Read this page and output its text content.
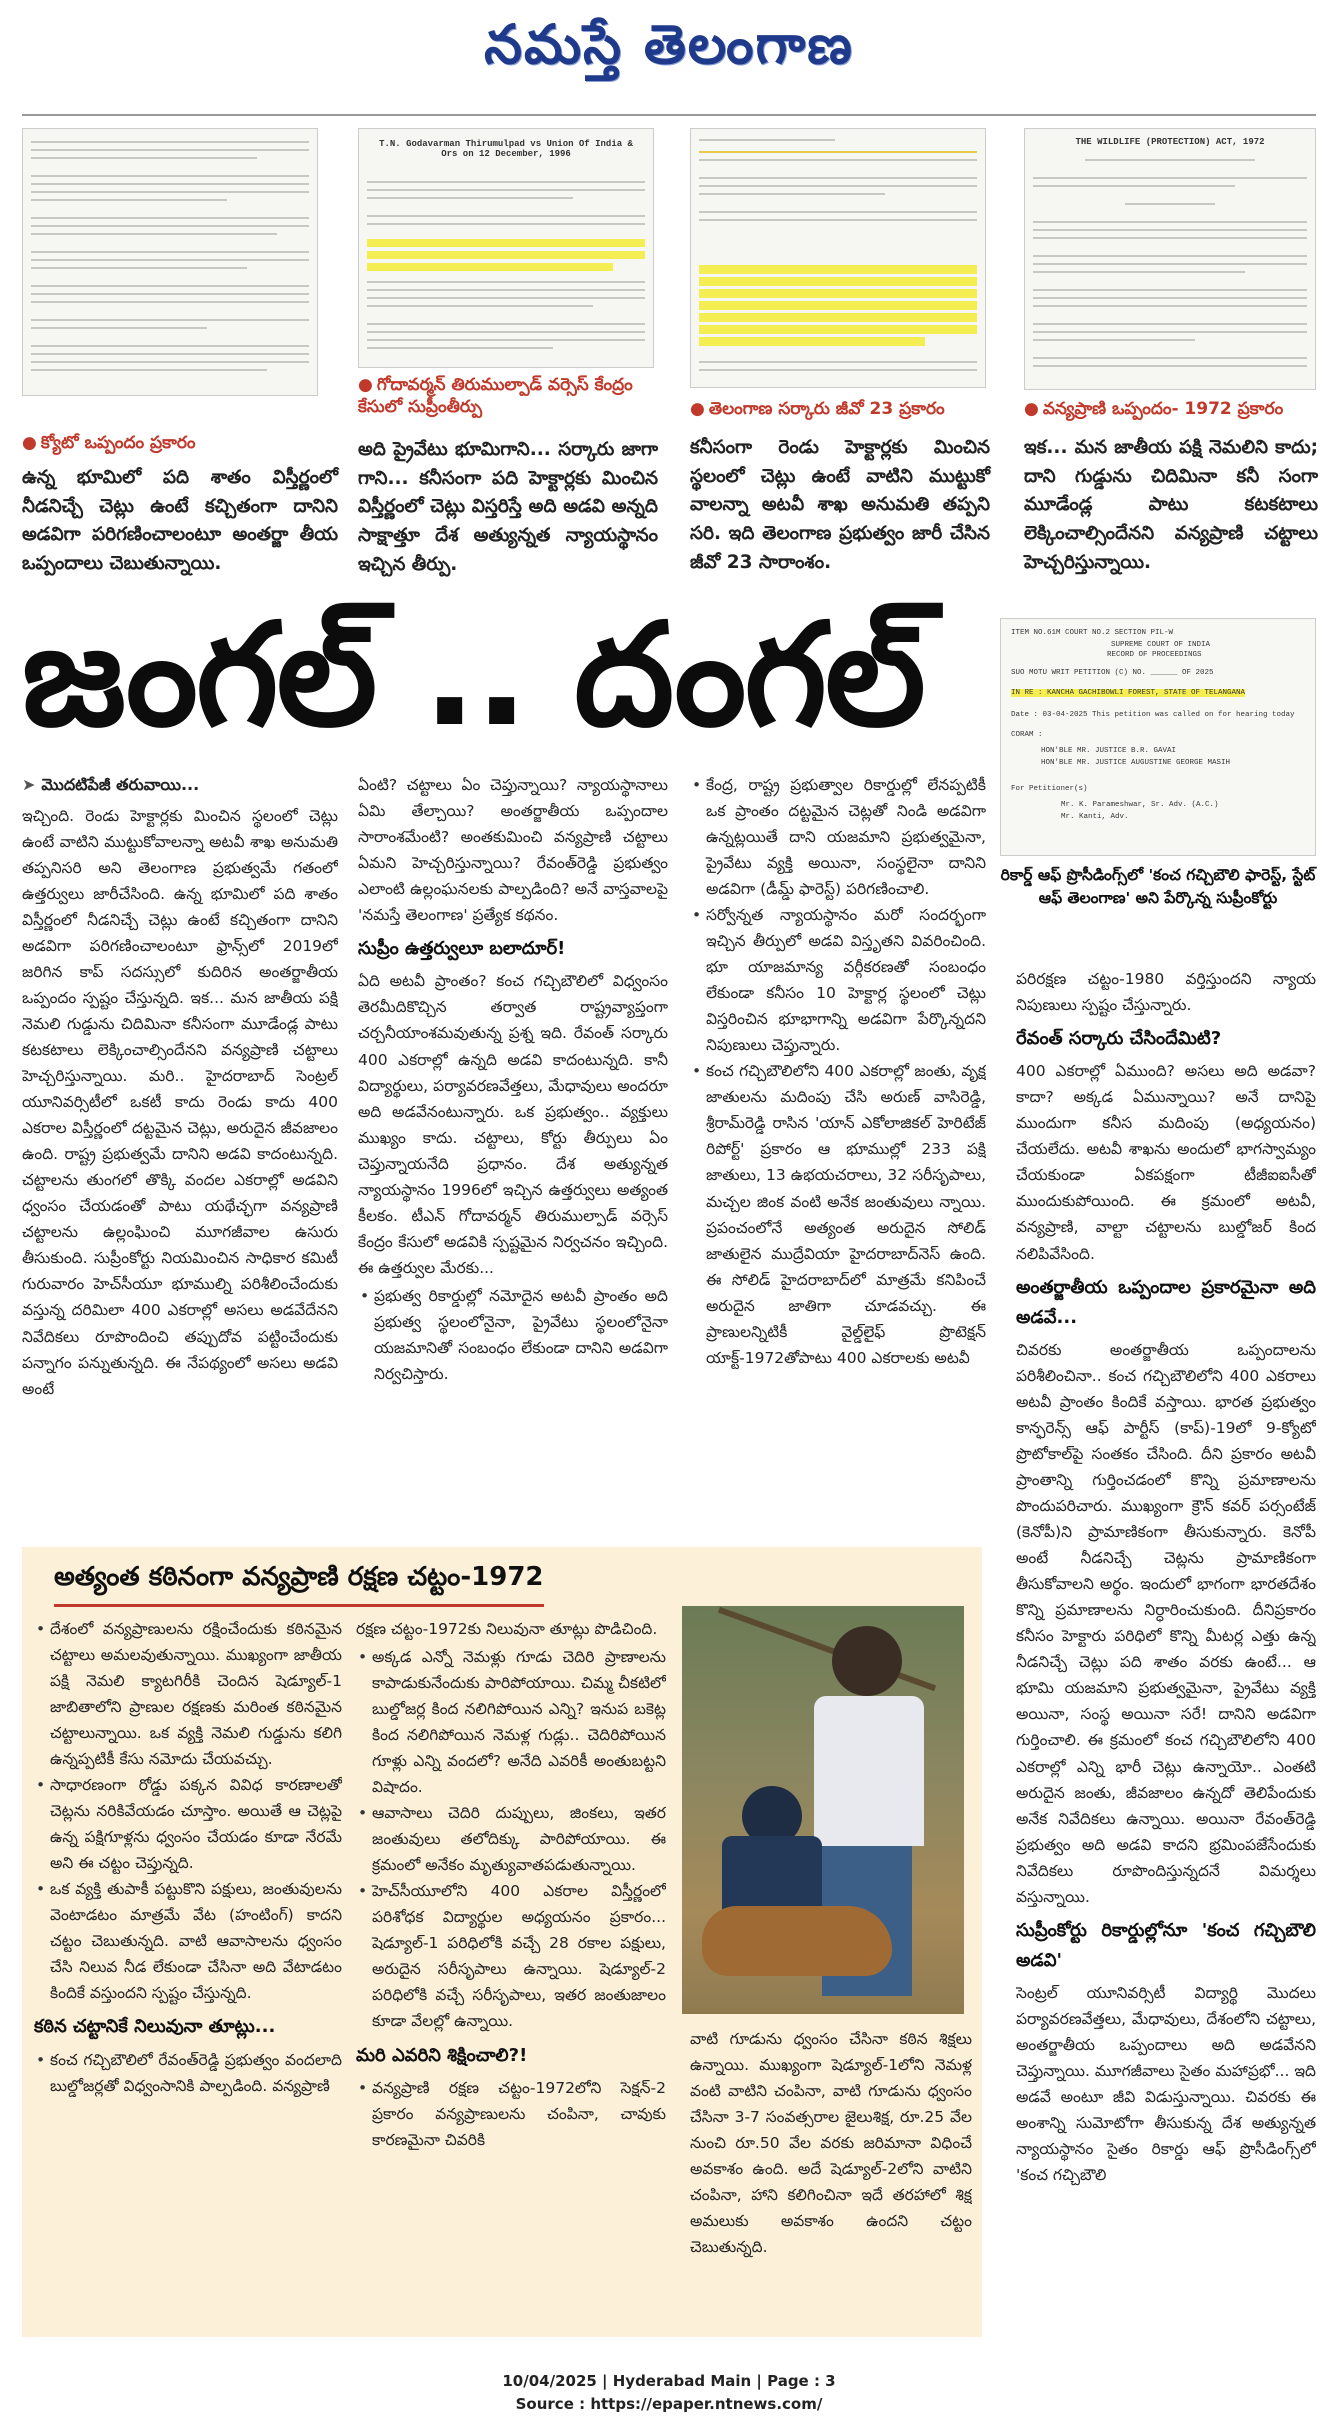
నమస్తే తెలంగాణ
T.N. Godavarman Thirumulpad vs Union Of India & Ors on 12 December, 1996
THE WILDLIFE (PROTECTION) ACT, 1972
● క్యోటో ఒప్పందం ప్రకారం
ఉన్న భూమిలో పది శాతం విస్తీర్ణంలో నీడనిచ్చే చెట్లు ఉంటే కచ్చితంగా దానిని అడవిగా పరిగణించాలంటూ అంతర్జా తీయ ఒప్పందాలు చెబుతున్నాయి.
● గోదావర్మన్ తిరుముల్పాడ్ వర్సెస్ కేంద్రం కేసులో సుప్రీంతీర్పు
అది ప్రైవేటు భూమిగాని... సర్కారు జాగా గాని... కనీసంగా పది హెక్టార్లకు మించిన విస్తీర్ణంలో చెట్లు విస్తరిస్తే అది అడవి అన్నది సాక్షాత్తూ దేశ అత్యున్నత న్యాయస్థానం ఇచ్చిన తీర్పు.
● తెలంగాణ సర్కారు జీవో 23 ప్రకారం
కనీసంగా రెండు హెక్టార్లకు మించిన స్థలంలో చెట్లు ఉంటే వాటిని ముట్టుకో వాలన్నా అటవీ శాఖ అనుమతి తప్పని సరి. ఇది తెలంగాణ ప్రభుత్వం జారీ చేసిన జీవో 23 సారాంశం.
● వన్యప్రాణి ఒప్పందం- 1972 ప్రకారం
ఇక... మన జాతీయ పక్షి నెమలిని కాదు; దాని గుడ్డును చిదిమినా కనీ సంగా మూడేండ్ల పాటు కటకటాలు లెక్కించాల్సిందేనని వన్యప్రాణి చట్టాలు హెచ్చరిస్తున్నాయి.
జంగల్ .. దంగల్	ITEM NO.61M COURT NO.2 SECTION PIL-W
SUPREME COURT OF INDIA
RECORD OF PROCEEDINGS
SUO MOTU WRIT PETITION (C) NO. ______ OF 2025
IN RE : KANCHA GACHIBOWLI FOREST, STATE OF TELANGANA
Date : 03-04-2025 This petition was called on for hearing today
CORAM :
HON'BLE MR. JUSTICE B.R. GAVAI
HON'BLE MR. JUSTICE AUGUSTINE GEORGE MASIH
For Petitioner(s)
Mr. K. Parameshwar, Sr. Adv. (A.C.)
Mr. Kanti, Adv.
రికార్డ్ ఆఫ్ ప్రొసీడింగ్స్‌లో 'కంచ గచ్చిబౌలి ఫారెస్ట్, స్టేట్ ఆఫ్ తెలంగాణ' అని పేర్కొన్న సుప్రీంకోర్టు
➤ మొదటిపేజీ తరువాయి...

ఇచ్చింది. రెండు హెక్టార్లకు మించిన స్థలంలో చెట్లు ఉంటే వాటిని ముట్టుకోవాలన్నా అటవీ శాఖ అనుమతి తప్పనిసరి అని తెలంగాణ ప్రభుత్వమే గతంలో ఉత్తర్వులు జారీచేసింది. ఉన్న భూమిలో పది శాతం విస్తీర్ణంలో నీడనిచ్చే చెట్లు ఉంటే కచ్చితంగా దానిని అడవిగా పరిగణించాలంటూ ఫ్రాన్స్‌లో 2019లో జరిగిన కాప్ సదస్సులో కుదిరిన అంతర్జాతీయ ఒప్పందం స్పష్టం చేస్తున్నది. ఇక... మన జాతీయ పక్షి నెమలి గుడ్డును చిదిమినా కనీసంగా మూడేండ్ల పాటు కటకటాలు లెక్కించాల్సిందేనని వన్యప్రాణి చట్టాలు హెచ్చరిస్తున్నాయి. మరి.. హైదరాబాద్ సెంట్రల్ యూనివర్సిటీలో ఒకటీ కాదు రెండు కాదు 400 ఎకరాల విస్తీర్ణంలో దట్టమైన చెట్లు, అరుదైన జీవజాలం ఉంది. రాష్ట్ర ప్రభుత్వమే దానిని అడవి కాదంటున్నది. చట్టాలను తుంగలో తొక్కి వందల ఎకరాల్లో అడవిని ధ్వంసం చేయడంతో పాటు యథేచ్ఛగా వన్యప్రాణి చట్టాలను ఉల్లంఘించి మూగజీవాల ఉసురు తీసుకుంది. సుప్రీంకోర్టు నియమించిన సాధికార కమిటీ గురువారం హెచ్‌సీయూ భూముల్ని పరిశీలించేందుకు వస్తున్న దరిమిలా 400 ఎకరాల్లో అసలు అడవేదేనని నివేదికలు రూపొందించి తప్పుదోవ పట్టించేందుకు పన్నాగం పన్నుతున్నది. ఈ నేపథ్యంలో అసలు అడవి అంటే

ఏంటి? చట్టాలు ఏం చెప్తున్నాయి? న్యాయస్థానాలు ఏమి తేల్చాయి? అంతర్జాతీయ ఒప్పందాల సారాంశమేంటి? అంతకుమించి వన్యప్రాణి చట్టాలు ఏమని హెచ్చరిస్తున్నాయి? రేవంత్‌రెడ్డి ప్రభుత్వం ఎలాంటి ఉల్లంఘనలకు పాల్పడింది? అనే వాస్తవాలపై 'నమస్తే తెలంగాణ' ప్రత్యేక కథనం.

సుప్రీం ఉత్తర్వులూ బలాదూర్!

ఏది అటవీ ప్రాంతం? కంచ గచ్చిబౌలిలో విధ్వంసం తెరమీదికొచ్చిన తర్వాత రాష్ట్రవ్యాప్తంగా చర్చనీయాంశమవుతున్న ప్రశ్న ఇది. రేవంత్ సర్కారు 400 ఎకరాల్లో ఉన్నది అడవి కాదంటున్నది. కానీ విద్యార్థులు, పర్యావరణవేత్తలు, మేధావులు అందరూ అది అడవేనంటున్నారు. ఒక ప్రభుత్వం.. వ్యక్తులు ముఖ్యం కాదు. చట్టాలు, కోర్టు తీర్పులు ఏం చెప్తున్నాయనేది ప్రధానం. దేశ అత్యున్నత న్యాయస్థానం 1996లో ఇచ్చిన ఉత్తర్వులు అత్యంత కీలకం. టీఎన్ గోదావర్మన్ తిరుముల్పాడ్ వర్సెస్ కేంద్రం కేసులో అడవికి స్పష్టమైన నిర్వచనం ఇచ్చింది. ఈ ఉత్తర్వుల మేరకు...

• ప్రభుత్వ రికార్డుల్లో నమోదైన అటవీ ప్రాంతం అది ప్రభుత్వ స్థలంలోనైనా, ప్రైవేటు స్థలంలోనైనా యజమానితో సంబంధం లేకుండా దానిని అడవిగా నిర్వచిస్తారు.
• కేంద్ర, రాష్ట్ర ప్రభుత్వాల రికార్డుల్లో లేనప్పటికీ ఒక ప్రాంతం దట్టమైన చెట్లతో నిండి అడవిగా ఉన్నట్లయితే దాని యజమాని ప్రభుత్వమైనా, ప్రైవేటు వ్యక్తి అయినా, సంస్థలైనా దానిని అడవిగా (డీమ్డ్ ఫారెస్ట్) పరిగణించాలి.
• సర్వోన్నత న్యాయస్థానం మరో సందర్భంగా ఇచ్చిన తీర్పులో అడవి విస్తృతని వివరించింది. భూ యాజమాన్య వర్గీకరణతో సంబంధం లేకుండా కనీసం 10 హెక్టార్ల స్థలంలో చెట్లు విస్తరించిన భూభాగాన్ని అడవిగా పేర్కొన్నదని నిపుణులు చెప్తున్నారు.
• కంచ గచ్చిబౌలిలోని 400 ఎకరాల్లో జంతు, వృక్ష జాతులను మదింపు చేసి అరుణ్ వాసిరెడ్డి, శ్రీరామ్‌రెడ్డి రాసిన 'యాన్ ఎకోలాజికల్ హెరిటేజ్ రిపోర్ట్' ప్రకారం ఆ భూముల్లో 233 పక్షి జాతులు, 13 ఉభయచరాలు, 32 సరీసృపాలు, మచ్చల జింక వంటి అనేక జంతువులు న్నాయి. ప్రపంచంలోనే అత్యంత అరుదైన సోలిడ్ జాతులైన ముద్రేవియా హైదరాబాద్‌నెస్ ఉంది. ఈ సోలిడ్ హైదరాబాద్‌లో మాత్రమే కనిపించే అరుదైన జాతిగా చూడవచ్చు. ఈ ప్రాణులన్నిటికీ వైల్డ్‌లైఫ్ ప్రొటెక్షన్ యాక్ట్-1972తోపాటు 400 ఎకరాలకు అటవీ

పరిరక్షణ చట్టం-1980 వర్తిస్తుందని న్యాయ నిపుణులు స్పష్టం చేస్తున్నారు.

రేవంత్ సర్కారు చేసిందేమిటి?

400 ఎకరాల్లో ఏముంది? అసలు అది అడవా? కాదా? అక్కడ ఏమున్నాయి? అనే దానిపై ముందుగా కనీస మదింపు (అధ్యయనం) చేయలేదు. అటవీ శాఖను అందులో భాగస్వామ్యం చేయకుండా ఏకపక్షంగా టీజీఐఐసీతో ముందుకుపోయింది. ఈ క్రమంలో అటవీ, వన్యప్రాణి, వాల్టా చట్టాలను బుల్డోజర్ కింద నలిపివేసింది.

అంతర్జాతీయ ఒప్పందాల ప్రకారమైనా అది అడవే...

చివరకు అంతర్జాతీయ ఒప్పందాలను పరిశీలించినా.. కంచ గచ్చిబౌలిలోని 400 ఎకరాలు అటవీ ప్రాంతం కిందికే వస్తాయి. భారత ప్రభుత్వం కాన్ఫరెన్స్ ఆఫ్ పార్టీస్ (కాప్)-19లో 9-క్యోటో ప్రొటోకాల్‌పై సంతకం చేసింది. దీని ప్రకారం అటవీ ప్రాంతాన్ని గుర్తించడంలో కొన్ని ప్రమాణాలను పొందుపరిచారు. ముఖ్యంగా క్రౌన్ కవర్ పర్సంటేజ్ (కెనోపీ)ని ప్రామాణికంగా తీసుకున్నారు. కెనోపీ అంటే నీడనిచ్చే చెట్లను ప్రామాణికంగా తీసుకోవాలని అర్థం. ఇందులో భాగంగా భారతదేశం కొన్ని ప్రమాణాలను నిర్ధారించుకుంది. దీనిప్రకారం కనీసం హెక్టారు పరిధిలో కొన్ని మీటర్ల ఎత్తు ఉన్న నీడనిచ్చే చెట్లు పది శాతం వరకు ఉంటే... ఆ భూమి యజమాని ప్రభుత్వమైనా, ప్రైవేటు వ్యక్తి అయినా, సంస్థ అయినా సరే! దానిని అడవిగా గుర్తించాలి. ఈ క్రమంలో కంచ గచ్చిబౌలిలోని 400 ఎకరాల్లో ఎన్ని భారీ చెట్లు ఉన్నాయో.. ఎంతటి అరుదైన జంతు, జీవజాలం ఉన్నదో తెలిపేందుకు అనేక నివేదికలు ఉన్నాయి. అయినా రేవంత్‌రెడ్డి ప్రభుత్వం అది అడవి కాదని భ్రమింపజేసేందుకు నివేదికలు రూపొందిస్తున్నదనే విమర్శలు వస్తున్నాయి.

సుప్రీంకోర్టు రికార్డుల్లోనూ 'కంచ గచ్చిబౌలి అడవి'

సెంట్రల్ యూనివర్సిటీ విద్యార్థి మొదలు పర్యావరణవేత్తలు, మేధావులు, దేశంలోని చట్టాలు, అంతర్జాతీయ ఒప్పందాలు అది అడవేనని చెప్తున్నాయి. మూగజీవాలు సైతం మహాప్రభో... ఇది అడవే అంటూ జీవి విడుస్తున్నాయి. చివరకు ఈ అంశాన్ని సుమోటోగా తీసుకున్న దేశ అత్యున్నత న్యాయస్థానం సైతం రికార్డు ఆఫ్ ప్రొసీడింగ్స్‌లో 'కంచ గచ్చిబౌలి

అత్యంత కఠినంగా వన్యప్రాణి రక్షణ చట్టం-1972
• దేశంలో వన్యప్రాణులను రక్షించేందుకు కఠినమైన చట్టాలు అమలవుతున్నాయి. ముఖ్యంగా జాతీయ పక్షి నెమలి క్యాటగిరీకి చెందిన షెడ్యూల్-1 జాబితాలోని ప్రాణుల రక్షణకు మరింత కఠినమైన చట్టాలున్నాయి. ఒక వ్యక్తి నెమలి గుడ్డును కలిగి ఉన్నప్పటికీ కేసు నమోదు చేయవచ్చు.
• సాధారణంగా రోడ్డు పక్కన వివిధ కారణాలతో చెట్లను నరికివేయడం చూస్తాం. అయితే ఆ చెట్లపై ఉన్న పక్షిగూళ్లను ధ్వంసం చేయడం కూడా నేరమే అని ఈ చట్టం చెప్తున్నది.
• ఒక వ్యక్తి తుపాకీ పట్టుకొని పక్షులు, జంతువులను వెంటాడటం మాత్రమే వేట (హంటింగ్) కాదని చట్టం చెబుతున్నది. వాటి ఆవాసాలను ధ్వంసం చేసి నిలువ నీడ లేకుండా చేసినా అది వేటాడటం కిందికే వస్తుందని స్పష్టం చేస్తున్నది.
కఠిన చట్టానికే నిలువునా తూట్లు...
• కంచ గచ్చిబౌలిలో రేవంత్‌రెడ్డి ప్రభుత్వం వందలాది బుల్డోజర్లతో విధ్వంసానికి పాల్పడింది. వన్యప్రాణి

రక్షణ చట్టం-1972కు నిలువునా తూట్లు పొడిచింది.

• అక్కడ ఎన్నో నెమళ్లు గూడు చెదిరి ప్రాణాలను కాపాడుకునేందుకు పారిపోయాయి. చిమ్మ చీకటిలో బుల్డోజర్ల కింద నలిగిపోయిన ఎన్ని? ఇనుప బకెట్ల కింద నలిగిపోయిన నెమళ్ల గుడ్లు.. చెదిరిపోయిన గూళ్లు ఎన్ని వందలో? అనేది ఎవరికీ అంతుబట్టని విషాదం.
• ఆవాసాలు చెదిరి దుప్పులు, జింకలు, ఇతర జంతువులు తలోదిక్కు పారిపోయాయి. ఈ క్రమంలో అనేకం మృత్యువాతపడుతున్నాయి.
• హెచ్‌సీయూలోని 400 ఎకరాల విస్తీర్ణంలో పరిశోధక విద్యార్థుల అధ్యయనం ప్రకారం... షెడ్యూల్-1 పరిధిలోకి వచ్చే 28 రకాల పక్షులు, అరుదైన సరీసృపాలు ఉన్నాయి. షెడ్యూల్-2 పరిధిలోకి వచ్చే సరీసృపాలు, ఇతర జంతుజాలం కూడా వేలల్లో ఉన్నాయి.
మరి ఎవరిని శిక్షించాలి?!
• వన్యప్రాణి రక్షణ చట్టం-1972లోని సెక్షన్-2 ప్రకారం వన్యప్రాణులను చంపినా, చావుకు కారణమైనా చివరికి

వాటి గూడును ధ్వంసం చేసినా కఠిన శిక్షలు ఉన్నాయి. ముఖ్యంగా షెడ్యూల్-1లోని నెమళ్ల వంటి వాటిని చంపినా, వాటి గూడును ధ్వంసం చేసినా 3-7 సంవత్సరాల జైలుశిక్ష, రూ.25 వేల నుంచి రూ.50 వేల వరకు జరిమానా విధించే అవకాశం ఉంది. అదే షెడ్యూల్-2లోని వాటిని చంపినా, హాని కలిగించినా ఇదే తరహాలో శిక్ష అమలుకు అవకాశం ఉందని చట్టం చెబుతున్నది.

10/04/2025 | Hyderabad Main | Page : 3
Source : https://epaper.ntnews.com/
